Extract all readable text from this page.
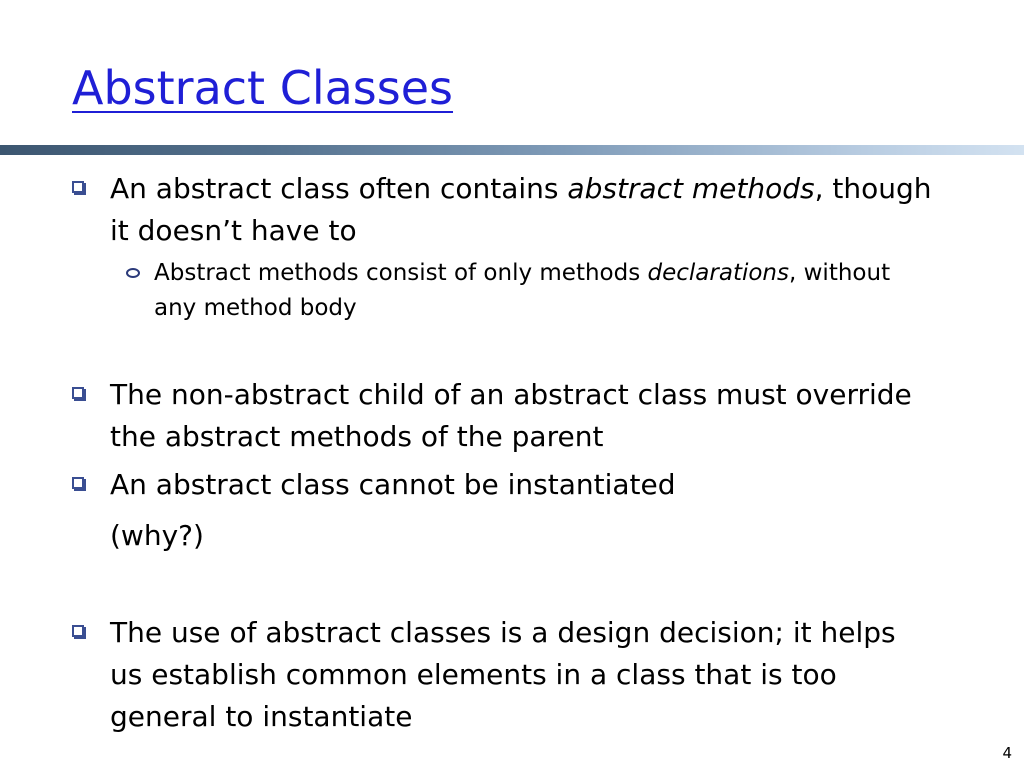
Abstract Classes
An abstract class often contains abstract methods, though it doesn’t have to
Abstract methods consist of only methods declarations, without any method body
The non-abstract child of an abstract class must override the abstract methods of the parent
An abstract class cannot be instantiated
(why?)
The use of abstract classes is a design decision; it helps us establish common elements in a class that is too general to instantiate
4
